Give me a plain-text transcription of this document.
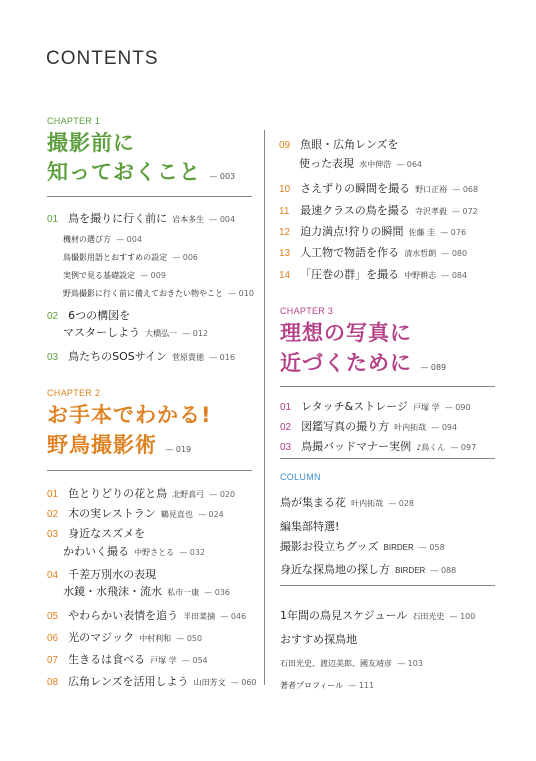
CONTENTS
CHAPTER 1
撮影前に
知っておくこと — 003
01 鳥を撮りに行く前に 岩本多生 — 004
機材の選び方 — 004
鳥撮影用語とおすすめの設定 — 006
実例で見る基礎設定 — 009
野鳥撮影に行く前に備えておきたい物やこと — 010
02 6つの構図を
マスターしよう 大橋弘一 — 012
03 鳥たちのSOSサイン 菅原貴徳 — 016
CHAPTER 2
お手本でわかる!
野鳥撮影術 — 019
01 色とりどりの花と鳥 北野真弓 — 020
02 木の実レストラン 鶴見直也 — 024
03 身近なスズメを
かわいく撮る 中野さとる — 032
04 千差万別水の表現
水鏡・水飛沫・流水 私市一康 — 036
05 やわらかい表情を追う 半田菜摘 — 046
06 光のマジック 中村利和 — 050
07 生きるは食べる 戸塚 学 — 054
08 広角レンズを活用しよう 山田芳文 — 060
09 魚眼・広角レンズを
使った表現 水中伸浩 — 064
10 さえずりの瞬間を撮る 野口正裕 — 068
11 最速クラスの鳥を撮る 寺沢孝毅 — 072
12 迫力満点!狩りの瞬間 佐藤 圭 — 076
13 人工物で物語を作る 清水哲朗 — 080
14 「圧巻の群」を撮る 中野耕志 — 084
CHAPTER 3
理想の写真に
近づくために — 089
01 レタッチ&ストレージ 戸塚 学 — 090
02 図鑑写真の撮り方 叶内拓哉 — 094
03 鳥撮バッドマナー実例 ♪鳥くん — 097
COLUMN
鳥が集まる花 叶内拓哉 — 028
編集部特選!
撮影お役立ちグッズ BIRDER — 058
身近な探鳥地の探し方 BIRDER — 088
1年間の鳥見スケジュール 石田光史 — 100
おすすめ探鳥地
石田光史、渡辺美郎、國友靖彦 — 103
著者プロフィール — 111
